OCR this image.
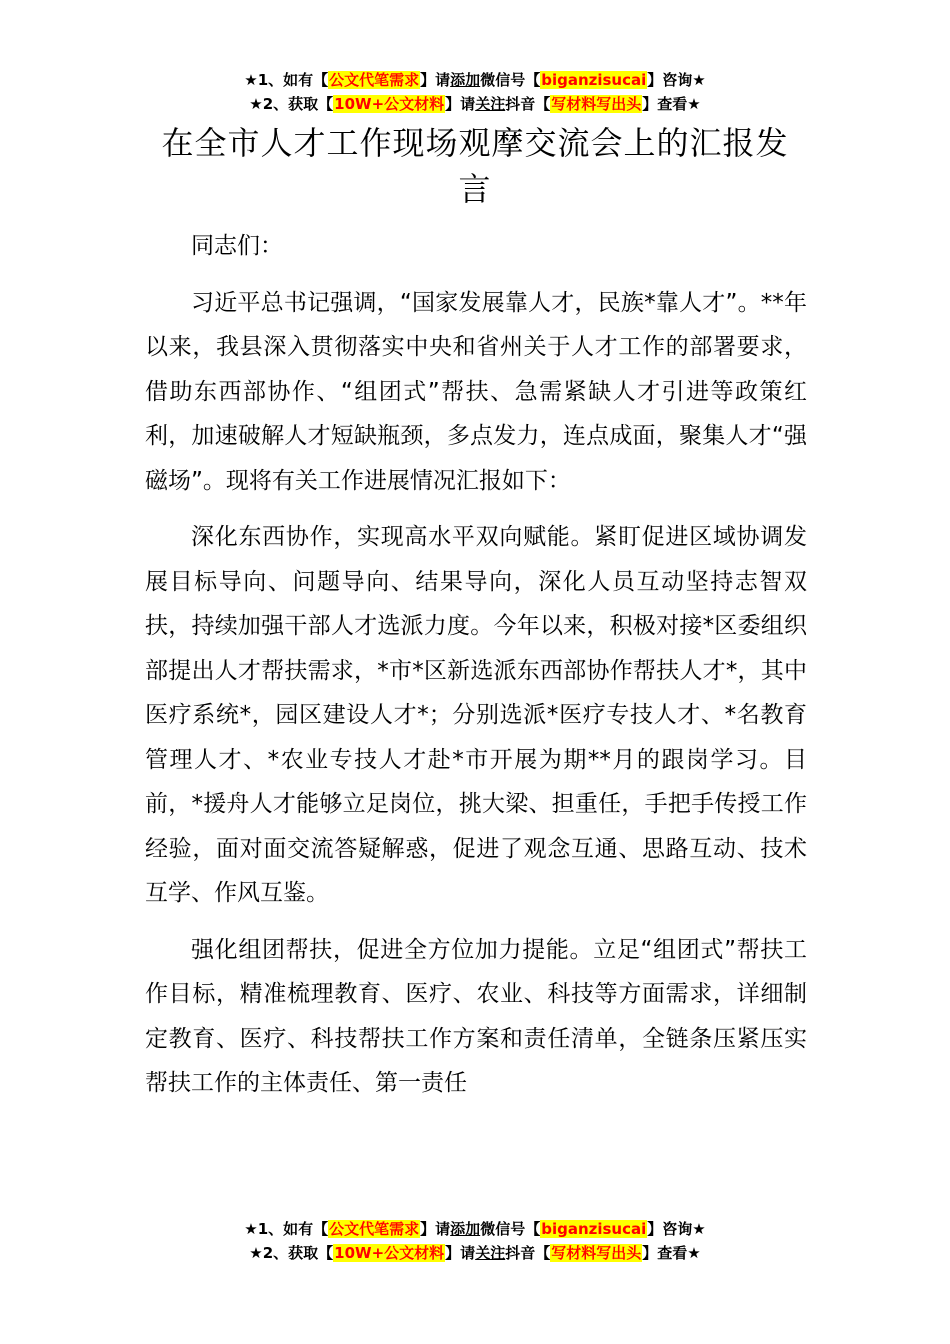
★1、如有【公文代笔需求】请添加微信号【biganzisucai】咨询★
★2、获取【10W+公文材料】请关注抖音【写材料写出头】查看★
在全市人才工作现场观摩交流会上的汇报发言

同志们：

习近平总书记强调，“国家发展靠人才，民族*靠人才”。**年以来，我县深入贯彻落实中央和省州关于人才工作的部署要求，借助东西部协作、“组团式”帮扶、急需紧缺人才引进等政策红利，加速破解人才短缺瓶颈，多点发力，连点成面，聚集人才“强磁场”。现将有关工作进展情况汇报如下：

深化东西协作，实现高水平双向赋能。紧盯促进区域协调发展目标导向、问题导向、结果导向，深化人员互动坚持志智双扶，持续加强干部人才选派力度。今年以来，积极对接*区委组织部提出人才帮扶需求，*市*区新选派东西部协作帮扶人才*，其中医疗系统*，园区建设人才*；分别选派*医疗专技人才、*名教育管理人才、*农业专技人才赴*市开展为期**月的跟岗学习。目前，*援舟人才能够立足岗位，挑大梁、担重任，手把手传授工作经验，面对面交流答疑解惑，促进了观念互通、思路互动、技术互学、作风互鉴。

强化组团帮扶，促进全方位加力提能。立足“组团式”帮扶工作目标，精准梳理教育、医疗、农业、科技等方面需求，详细制定教育、医疗、科技帮扶工作方案和责任清单，全链条压紧压实帮扶工作的主体责任、第一责任

★1、如有【公文代笔需求】请添加微信号【biganzisucai】咨询★
★2、获取【10W+公文材料】请关注抖音【写材料写出头】查看★
